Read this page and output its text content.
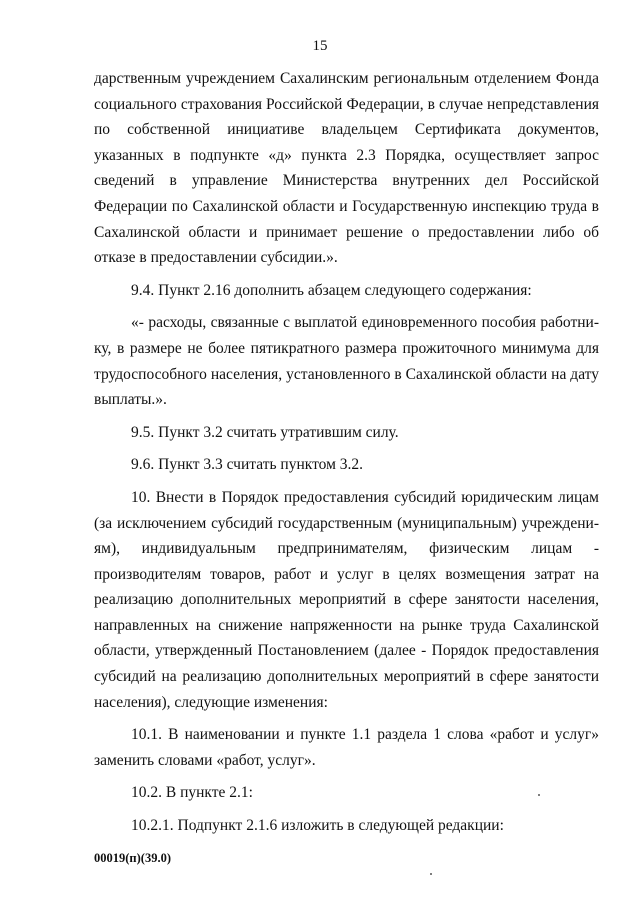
15

дарственным учреждением Сахалинским региональным отделением Фонда социального страхования Российской Федерации, в случае непредставления по собственной инициативе владельцем Сертификата документов, указанных в подпункте «д» пункта 2.3 Порядка, осуществляет запрос сведений в управление Министерства внутренних дел Российской Федерации по Сахалинской области и Государственную инспекцию труда в Сахалинской области и принимает решение о предоставлении либо об отказе в предоставлении субсидии.».

9.4. Пункт 2.16 дополнить абзацем следующего содержания:

«- расходы, связанные с выплатой единовременного пособия работнику, в размере не более пятикратного размера прожиточного минимума для трудоспособного населения, установленного в Сахалинской области на дату выплаты.».

9.5. Пункт 3.2 считать утратившим силу.

9.6. Пункт 3.3 считать пунктом 3.2.

10. Внести в Порядок предоставления субсидий юридическим лицам (за исключением субсидий государственным (муниципальным) учреждениям), индивидуальным предпринимателям, физическим лицам - производителям товаров, работ и услуг в целях возмещения затрат на реализацию дополнительных мероприятий в сфере занятости населения, направленных на снижение напряженности на рынке труда Сахалинской области, утвержденный Постановлением (далее - Порядок предоставления субсидий на реализацию дополнительных мероприятий в сфере занятости населения), следующие изменения:

10.1. В наименовании и пункте 1.1 раздела 1 слова «работ и услуг» заменить словами «работ, услуг».

10.2. В пункте 2.1:

10.2.1. Подпункт 2.1.6 изложить в следующей редакции:

00019(п)(39.0)
